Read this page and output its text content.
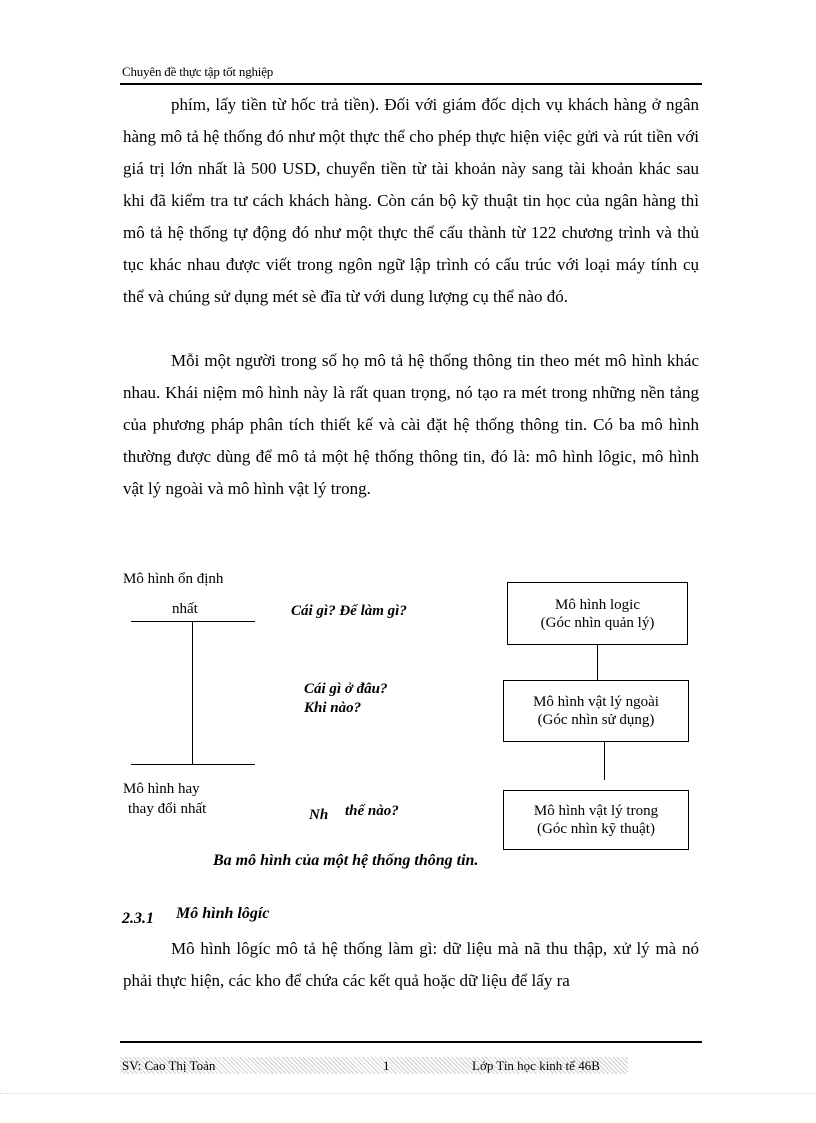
Chuyên đề thực tập tốt nghiệp

phím, lấy tiền từ hốc trả tiền). Đối với giám đốc dịch vụ khách hàng ở ngân hàng mô tả hệ thống đó như một thực thể cho phép thực hiện việc gửi và rút tiền với giá trị lớn nhất là 500 USD, chuyển tiền từ tài khoản này sang tài khoản khác sau khi đã kiểm tra tư cách khách hàng. Còn cán bộ kỹ thuật tin học của ngân hàng thì mô tả hệ thống tự động đó như một thực thể cấu thành từ 122 chương trình và thủ tục khác nhau được viết trong ngôn ngữ lập trình có cấu trúc với loại máy tính cụ thể và chúng sử dụng mét sè đĩa từ với dung lượng cụ thể nào đó.

Mỗi một người trong số họ mô tả hệ thống thông tin theo mét mô hình khác nhau. Khái niệm mô hình này là rất quan trọng, nó tạo ra mét trong những nền tảng của phương pháp phân tích thiết kế và cài đặt hệ thống thông tin. Có ba mô hình thường được dùng để mô tả một hệ thống thông tin, đó là: mô hình lôgic, mô hình vật lý ngoài và mô hình vật lý trong.

Mô hình ổn định
nhất
Mô hình hay
thay đổi nhất
Cái gì? Để làm gì?
Cái gì ở đâu?
Khi nào?
Nh thế nào?
Mô hình logic
(Góc nhìn quản lý)
Mô hình vật lý ngoài
(Góc nhìn sử dụng)
Mô hình vật lý trong
(Góc nhìn kỹ thuật)
Ba mô hình của một hệ thống thông tin.
2.3.1 Mô hình lôgíc

Mô hình lôgíc mô tả hệ thống làm gì: dữ liệu mà nã thu thập, xử lý mà nó phải thực hiện, các kho để chứa các kết quả hoặc dữ liệu để lấy ra

SV: Cao Thị Toản	1	Lớp Tin học kinh tế 46B
